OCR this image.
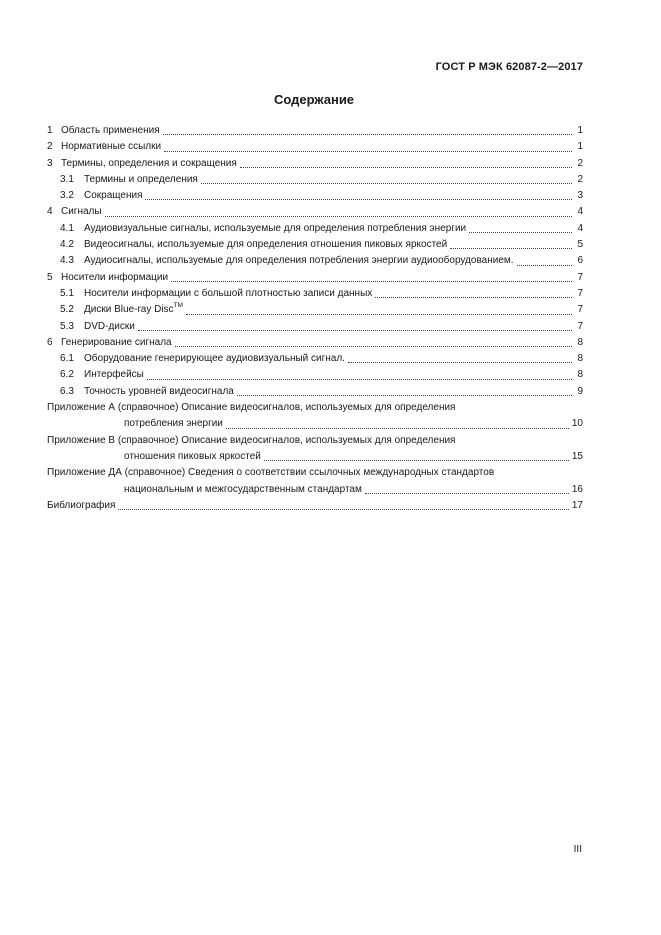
ГОСТ Р МЭК 62087-2—2017
Содержание
1 Область применения	1
2 Нормативные ссылки	1
3 Термины, определения и сокращения	2
3.1	Термины и определения	2
3.2	Сокращения	3
4 Сигналы	4
4.1	Аудиовизуальные сигналы, используемые для определения потребления энергии	4
4.2	Видеосигналы, используемые для определения отношения пиковых яркостей	5
4.3	Аудиосигналы, используемые для определения потребления энергии аудиооборудованием.	6
5 Носители информации	7
5.1	Носители информации с большой плотностью записи данных	7
5.2	Диски Blue-ray Disc™	7
5.3	DVD-диски	7
6 Генерирование сигнала	8
6.1	Оборудование генерирующее аудиовизуальный сигнал.	8
6.2	Интерфейсы	8
6.3	Точность уровней видеосигнала	9
Приложение А (справочное) Описание видеосигналов, используемых для определения
потребления энергии	10
Приложение В (справочное) Описание видеосигналов, используемых для определения
отношения пиковых яркостей	15
Приложение ДА (справочное) Сведения о соответствии ссылочных международных стандартов
национальным и межгосударственным стандартам	16
Библиография	17
III
